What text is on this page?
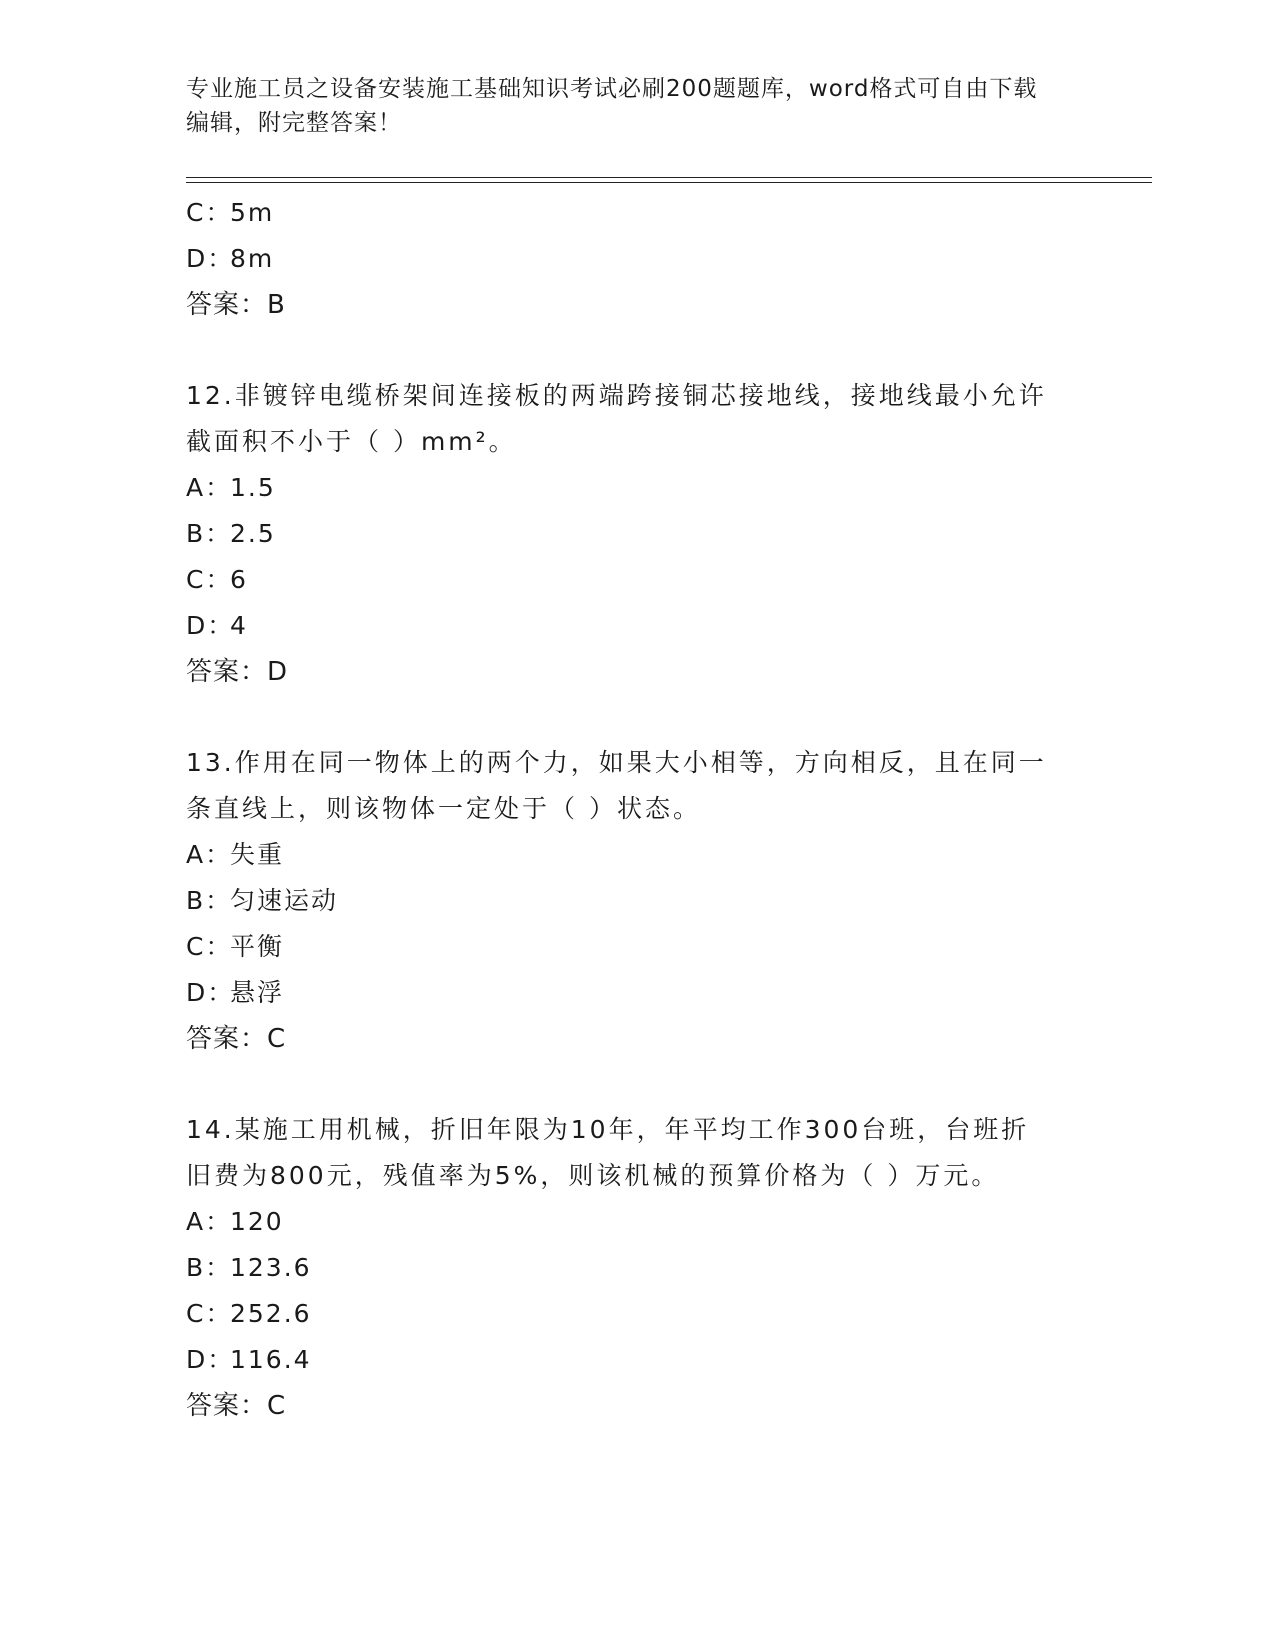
专业施工员之设备安装施工基础知识考试必刷200题题库，word格式可自由下载
编辑，附完整答案！
C：5m
D：8m
答案：B
12.非镀锌电缆桥架间连接板的两端跨接铜芯接地线，接地线最小允许
截面积不小于（ ）mm²。
A：1.5
B：2.5
C：6
D：4
答案：D
13.作用在同一物体上的两个力，如果大小相等，方向相反，且在同一
条直线上，则该物体一定处于（ ）状态。
A：失重
B：匀速运动
C：平衡
D：悬浮
答案：C
14.某施工用机械，折旧年限为10年，年平均工作300台班，台班折
旧费为800元，残值率为5%，则该机械的预算价格为（ ）万元。
A：120
B：123.6
C：252.6
D：116.4
答案：C
